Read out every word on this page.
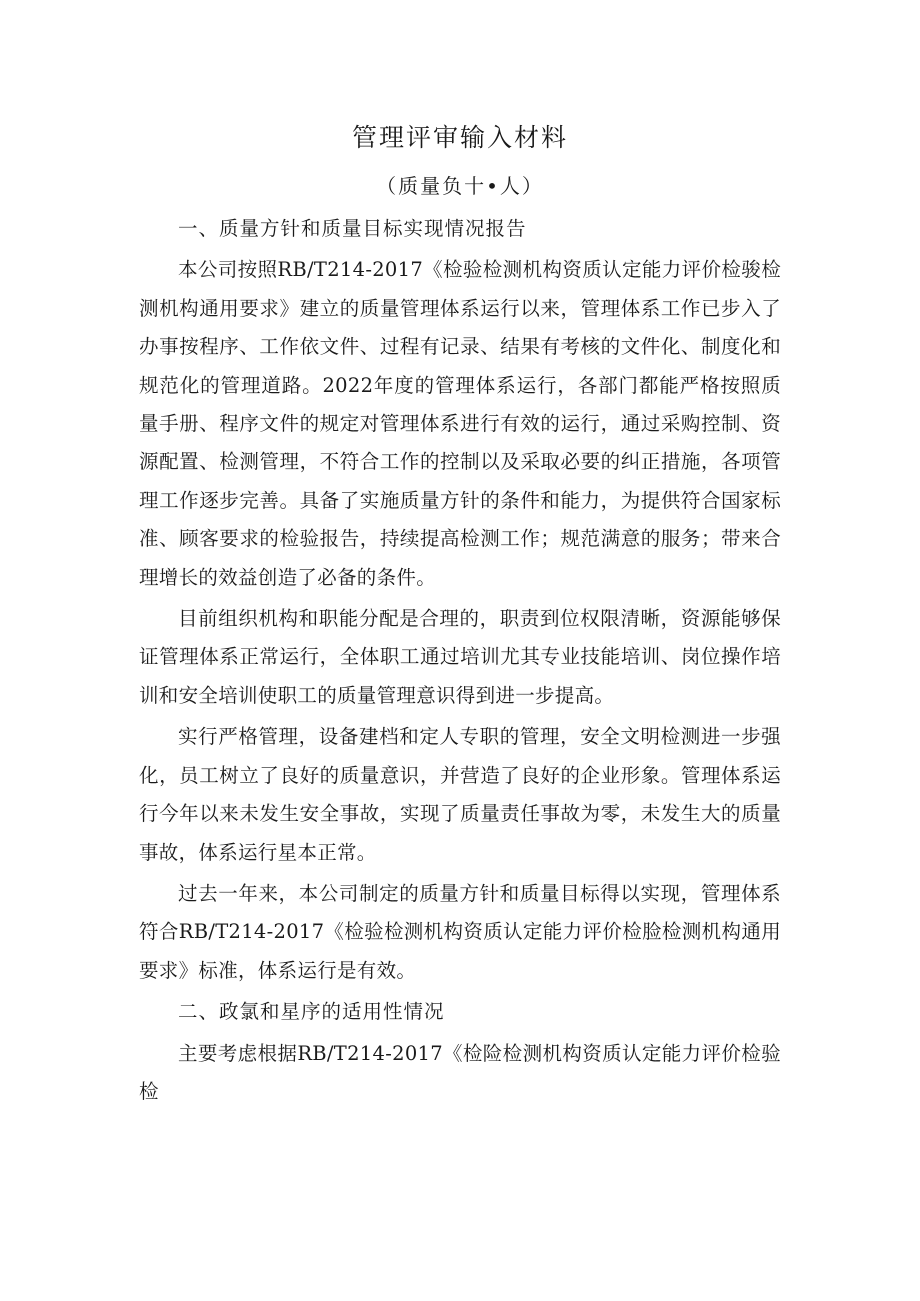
管理评审输入材料
（质量负十•人）

一、质量方针和质量目标实现情况报告

本公司按照RB/T214-2017《检验检测机构资质认定能力评价检骏检测机构通用要求》建立的质量管理体系运行以来，管理体系工作已步入了办事按程序、工作依文件、过程有记录、结果有考核的文件化、制度化和规范化的管理道路。2022年度的管理体系运行，各部门都能严格按照质量手册、程序文件的规定对管理体系进行有效的运行，通过采购控制、资源配置、检测管理，不符合工作的控制以及采取必要的纠正措施，各项管理工作逐步完善。具备了实施质量方针的条件和能力，为提供符合国家标准、顾客要求的检验报告，持续提高检测工作；规范满意的服务；带来合理增长的效益创造了必备的条件。

目前组织机构和职能分配是合理的，职责到位权限清晰，资源能够保证管理体系正常运行，全体职工通过培训尤其专业技能培训、岗位操作培训和安全培训使职工的质量管理意识得到进一步提高。

实行严格管理，设备建档和定人专职的管理，安全文明检测进一步强化，员工树立了良好的质量意识，并营造了良好的企业形象。管理体系运行今年以来未发生安全事故，实现了质量责任事故为零，未发生大的质量事故，体系运行星本正常。

过去一年来，本公司制定的质量方针和质量目标得以实现，管理体系符合RB/T214-2017《检验检测机构资质认定能力评价检脸检测机构通用要求》标准，体系运行是有效。

二、政氯和星序的适用性情况

主要考虑根据RB/T214-2017《检险检测机构资质认定能力评价检验检
